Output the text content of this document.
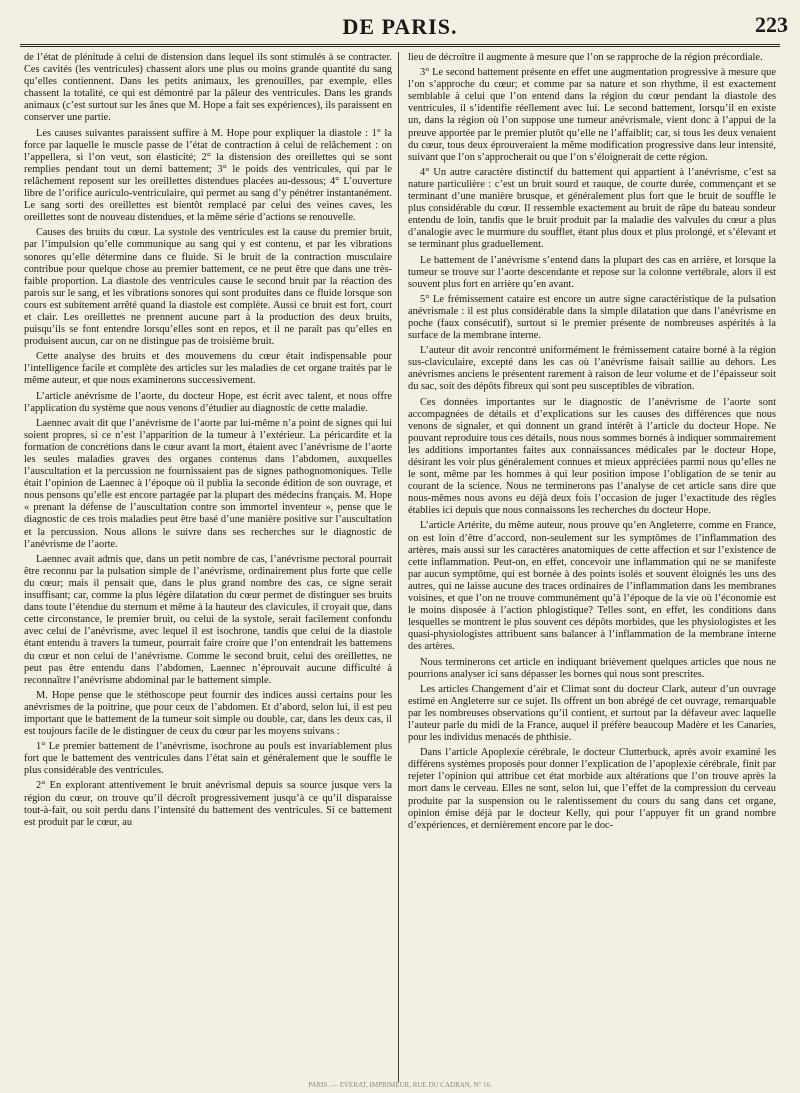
DE PARIS.	223

de l’état de plénitude à celui de distension dans lequel ils sont stimulés à se contracter. Ces cavités (les ventricules) chassent alors une plus ou moins grande quantité du sang qu’elles contiennent. Dans les petits animaux, les grenouilles, par exemple, elles chassent la totalité, ce qui est démontré par la pâleur des ventricules. Dans les grands animaux (c’est surtout sur les ânes que M. Hope a fait ses expériences), ils paraissent en conserver une partie.

Les causes suivantes paraissent suffire à M. Hope pour expliquer la diastole : 1° la force par laquelle le muscle passe de l’état de contraction à celui de relâchement : on l’appellera, si l’on veut, son élasticité; 2° la distension des oreillettes qui se sont remplies pendant tout un demi battement; 3° le poids des ventricules, qui par le relâchement reposent sur les oreillettes distendues placées au-dessous; 4° L’ouverture libre de l’orifice auriculo-ventriculaire, qui permet au sang d’y pénétrer instantanément. Le sang sorti des oreillettes est bientôt remplacé par celui des veines caves, les oreillettes sont de nouveau distendues, et la même série d’actions se renouvelle.

Causes des bruits du cœur. La systole des ventricules est la cause du premier bruit, par l’impulsion qu’elle communique au sang qui y est contenu, et par les vibrations sonores qu’elle détermine dans ce fluide. Si le bruit de la contraction musculaire contribue pour quelque chose au premier battement, ce ne peut être que dans une très-faible proportion. La diastole des ventricules cause le second bruit par la réaction des parois sur le sang, et les vibrations sonores qui sont produites dans ce fluide lorsque son cours est subitement arrêté quand la diastole est complète. Aussi ce bruit est fort, court et clair. Les oreillettes ne prennent aucune part à la production des deux bruits, puisqu’ils se font entendre lorsqu’elles sont en repos, et il ne paraît pas qu’elles en produisent aucun, car on ne distingue pas de troisième bruit.

Cette analyse des bruits et des mouvemens du cœur était indispensable pour l’intelligence facile et complète des articles sur les maladies de cet organe traités par le même auteur, et que nous examinerons successivement.

L’article anévrisme de l’aorte, du docteur Hope, est écrit avec talent, et nous offre l’application du système que nous venons d’étudier au diagnostic de cette maladie.

Laennec avait dit que l’anévrisme de l’aorte par lui-même n’a point de signes qui lui soient propres, si ce n’est l’apparition de la tumeur à l’extérieur. La péricardite et la formation de concrétions dans le cœur avant la mort, étaient avec l’anévrisme de l’aorte les seules maladies graves des organes contenus dans l’abdomen, auxquelles l’auscultation et la percussion ne fournissaient pas de signes pathognomoniques. Telle était l’opinion de Laennec à l’époque où il publia la seconde édition de son ouvrage, et nous pensons qu’elle est encore partagée par la plupart des médecins français. M. Hope « prenant la défense de l’auscultation contre son immortel inventeur », pense que le diagnostic de ces trois maladies peut être basé d’une manière positive sur l’auscultation et la percussion. Nous allons le suivre dans ses recherches sur le diagnostic de l’anévrisme de l’aorte.

Laennec avait admis que, dans un petit nombre de cas, l’anévrisme pectoral pourrait être reconnu par la pulsation simple de l’anévrisme, ordinairement plus forte que celle du cœur; mais il pensait que, dans le plus grand nombre des cas, ce signe serait insuffisant; car, comme la plus légère dilatation du cœur permet de distinguer ses bruits dans toute l’étendue du sternum et même à la hauteur des clavicules, il croyait que, dans cette circonstance, le premier bruit, ou celui de la systole, serait facilement confondu avec celui de l’anévrisme, avec lequel il est isochrone, tandis que celui de la diastole étant entendu à travers la tumeur, pourrait faire croire que l’on entendrait les battemens du cœur et non celui de l’anévrisme. Comme le second bruit, celui des oreillettes, ne peut pas être entendu dans l’abdomen, Laennec n’éprouvait aucune difficulté à reconnaître l’anévrisme abdominal par le battement simple.

M. Hope pense que le stéthoscope peut fournir des indices aussi certains pour les anévrismes de la poitrine, que pour ceux de l’abdomen. Et d’abord, selon lui, il est peu important que le battement de la tumeur soit simple ou double, car, dans les deux cas, il est toujours facile de le distinguer de ceux du cœur par les moyens suivans :

1° Le premier battement de l’anévrisme, isochrone au pouls est invariablement plus fort que le battement des ventricules dans l’état sain et généralement que le souffle le plus considérable des ventricules.

2° En explorant attentivement le bruit anévrismal depuis sa source jusque vers la région du cœur, on trouve qu’il décroît progressivement jusqu’à ce qu’il disparaisse tout-à-fait, ou soit perdu dans l’intensité du battement des ventricules. Si ce battement est produit par le cœur, au

lieu de décroître il augmente à mesure que l’on se rapproche de la région précordiale.

3° Le second battement présente en effet une augmentation progressive à mesure que l’on s’approche du cœur; et comme par sa nature et son rhythme, il est exactement semblable à celui que l’on entend dans la région du cœur pendant la diastole des ventricules, il s’identifie réellement avec lui. Le second battement, lorsqu’il en existe un, dans la région où l’on suppose une tumeur anévrismale, vient donc à l’appui de la preuve apportée par le premier plutôt qu’elle ne l’affaiblit; car, si tous les deux venaient du cœur, tous deux éprouveraient la même modification progressive dans leur intensité, suivant que l’on s’approcherait ou que l’on s’éloignerait de cette région.

4° Un autre caractère distinctif du battement qui appartient à l’anévrisme, c’est sa nature particulière : c’est un bruit sourd et rauque, de courte durée, commençant et se terminant d’une manière brusque, et généralement plus fort que le bruit de souffle le plus considérable du cœur. Il ressemble exactement au bruit de râpe du bateau sondeur entendu de loin, tandis que le bruit produit par la maladie des valvules du cœur a plus d’analogie avec le murmure du soufflet, étant plus doux et plus prolongé, et s’élevant et se terminant plus graduellement.

Le battement de l’anévrisme s’entend dans la plupart des cas en arrière, et lorsque la tumeur se trouve sur l’aorte descendante et repose sur la colonne vertébrale, alors il est souvent plus fort en arrière qu’en avant.

5° Le frémissement cataire est encore un autre signe caractéristique de la pulsation anévrismale : il est plus considérable dans la simple dilatation que dans l’anévrisme en poche (faux consécutif), surtout si le premier présente de nombreuses aspérités à la surface de la membrane interne.

L’auteur dit avoir rencontré uniformément le frémissement cataire borné à la région sus-claviculaire, excepté dans les cas où l’anévrisme faisait saillie au dehors. Les anévrismes anciens le présentent rarement à raison de leur volume et de l’épaisseur soit du sac, soit des dépôts fibreux qui sont peu susceptibles de vibration.

Ces données importantes sur le diagnostic de l’anévrisme de l’aorte sont accompagnées de détails et d’explications sur les causes des différences que nous venons de signaler, et qui donnent un grand intérêt à l’article du docteur Hope. Ne pouvant reproduire tous ces détails, nous nous sommes bornés à indiquer sommairement les additions importantes faites aux connaissances médicales par le docteur Hope, désirant les voir plus généralement connues et mieux appréciées parmi nous qu’elles ne le sont, même par les hommes à qui leur position impose l’obligation de se tenir au courant de la science. Nous ne terminerons pas l’analyse de cet article sans dire que nous-mêmes nous avons eu déjà deux fois l’occasion de juger l’exactitude des règles établies ici depuis que nous connaissons les recherches du docteur Hope.

L’article Artérite, du même auteur, nous prouve qu’en Angleterre, comme en France, on est loin d’être d’accord, non-seulement sur les symptômes de l’inflammation des artères, mais aussi sur les caractères anatomiques de cette affection et sur l’existence de cette inflammation. Peut-on, en effet, concevoir une inflammation qui ne se manifeste par aucun symptôme, qui est bornée à des points isolés et souvent éloignés les uns des autres, qui ne laisse aucune des traces ordinaires de l’inflammation dans les membranes voisines, et que l’on ne trouve communément qu’à l’époque de la vie où l’économie est le moins disposée à l’action phlogistique? Telles sont, en effet, les conditions dans lesquelles se montrent le plus souvent ces dépôts morbides, que les physiologistes et les quasi-physiologistes attribuent sans balancer à l’inflammation de la membrane interne des artères.

Nous terminerons cet article en indiquant brièvement quelques articles que nous ne pourrions analyser ici sans dépasser les bornes qui nous sont prescrites.

Les articles Changement d’air et Climat sont du docteur Clark, auteur d’un ouvrage estimé en Angleterre sur ce sujet. Ils offrent un bon abrégé de cet ouvrage, remarquable par les nombreuses observations qu’il contient, et surtout par la défaveur avec laquelle l’auteur parle du midi de la France, auquel il préfère beaucoup Madère et les Canaries, pour les individus menacés de phthisie.

Dans l’article Apoplexie cérébrale, le docteur Clutterbuck, après avoir examiné les différens systèmes proposés pour donner l’explication de l’apoplexie cérébrale, finit par rejeter l’opinion qui attribue cet état morbide aux altérations que l’on trouve après la mort dans le cerveau. Elles ne sont, selon lui, que l’effet de la compression du cerveau produite par la suspension ou le ralentissement du cours du sang dans cet organe, opinion émise déjà par le docteur Kelly, qui pour l’appuyer fit un grand nombre d’expériences, et dernièrement encore par le doc-

PARIS. — EVERAT, IMPRIMEUR, RUE DU CADRAN, N° 16.
